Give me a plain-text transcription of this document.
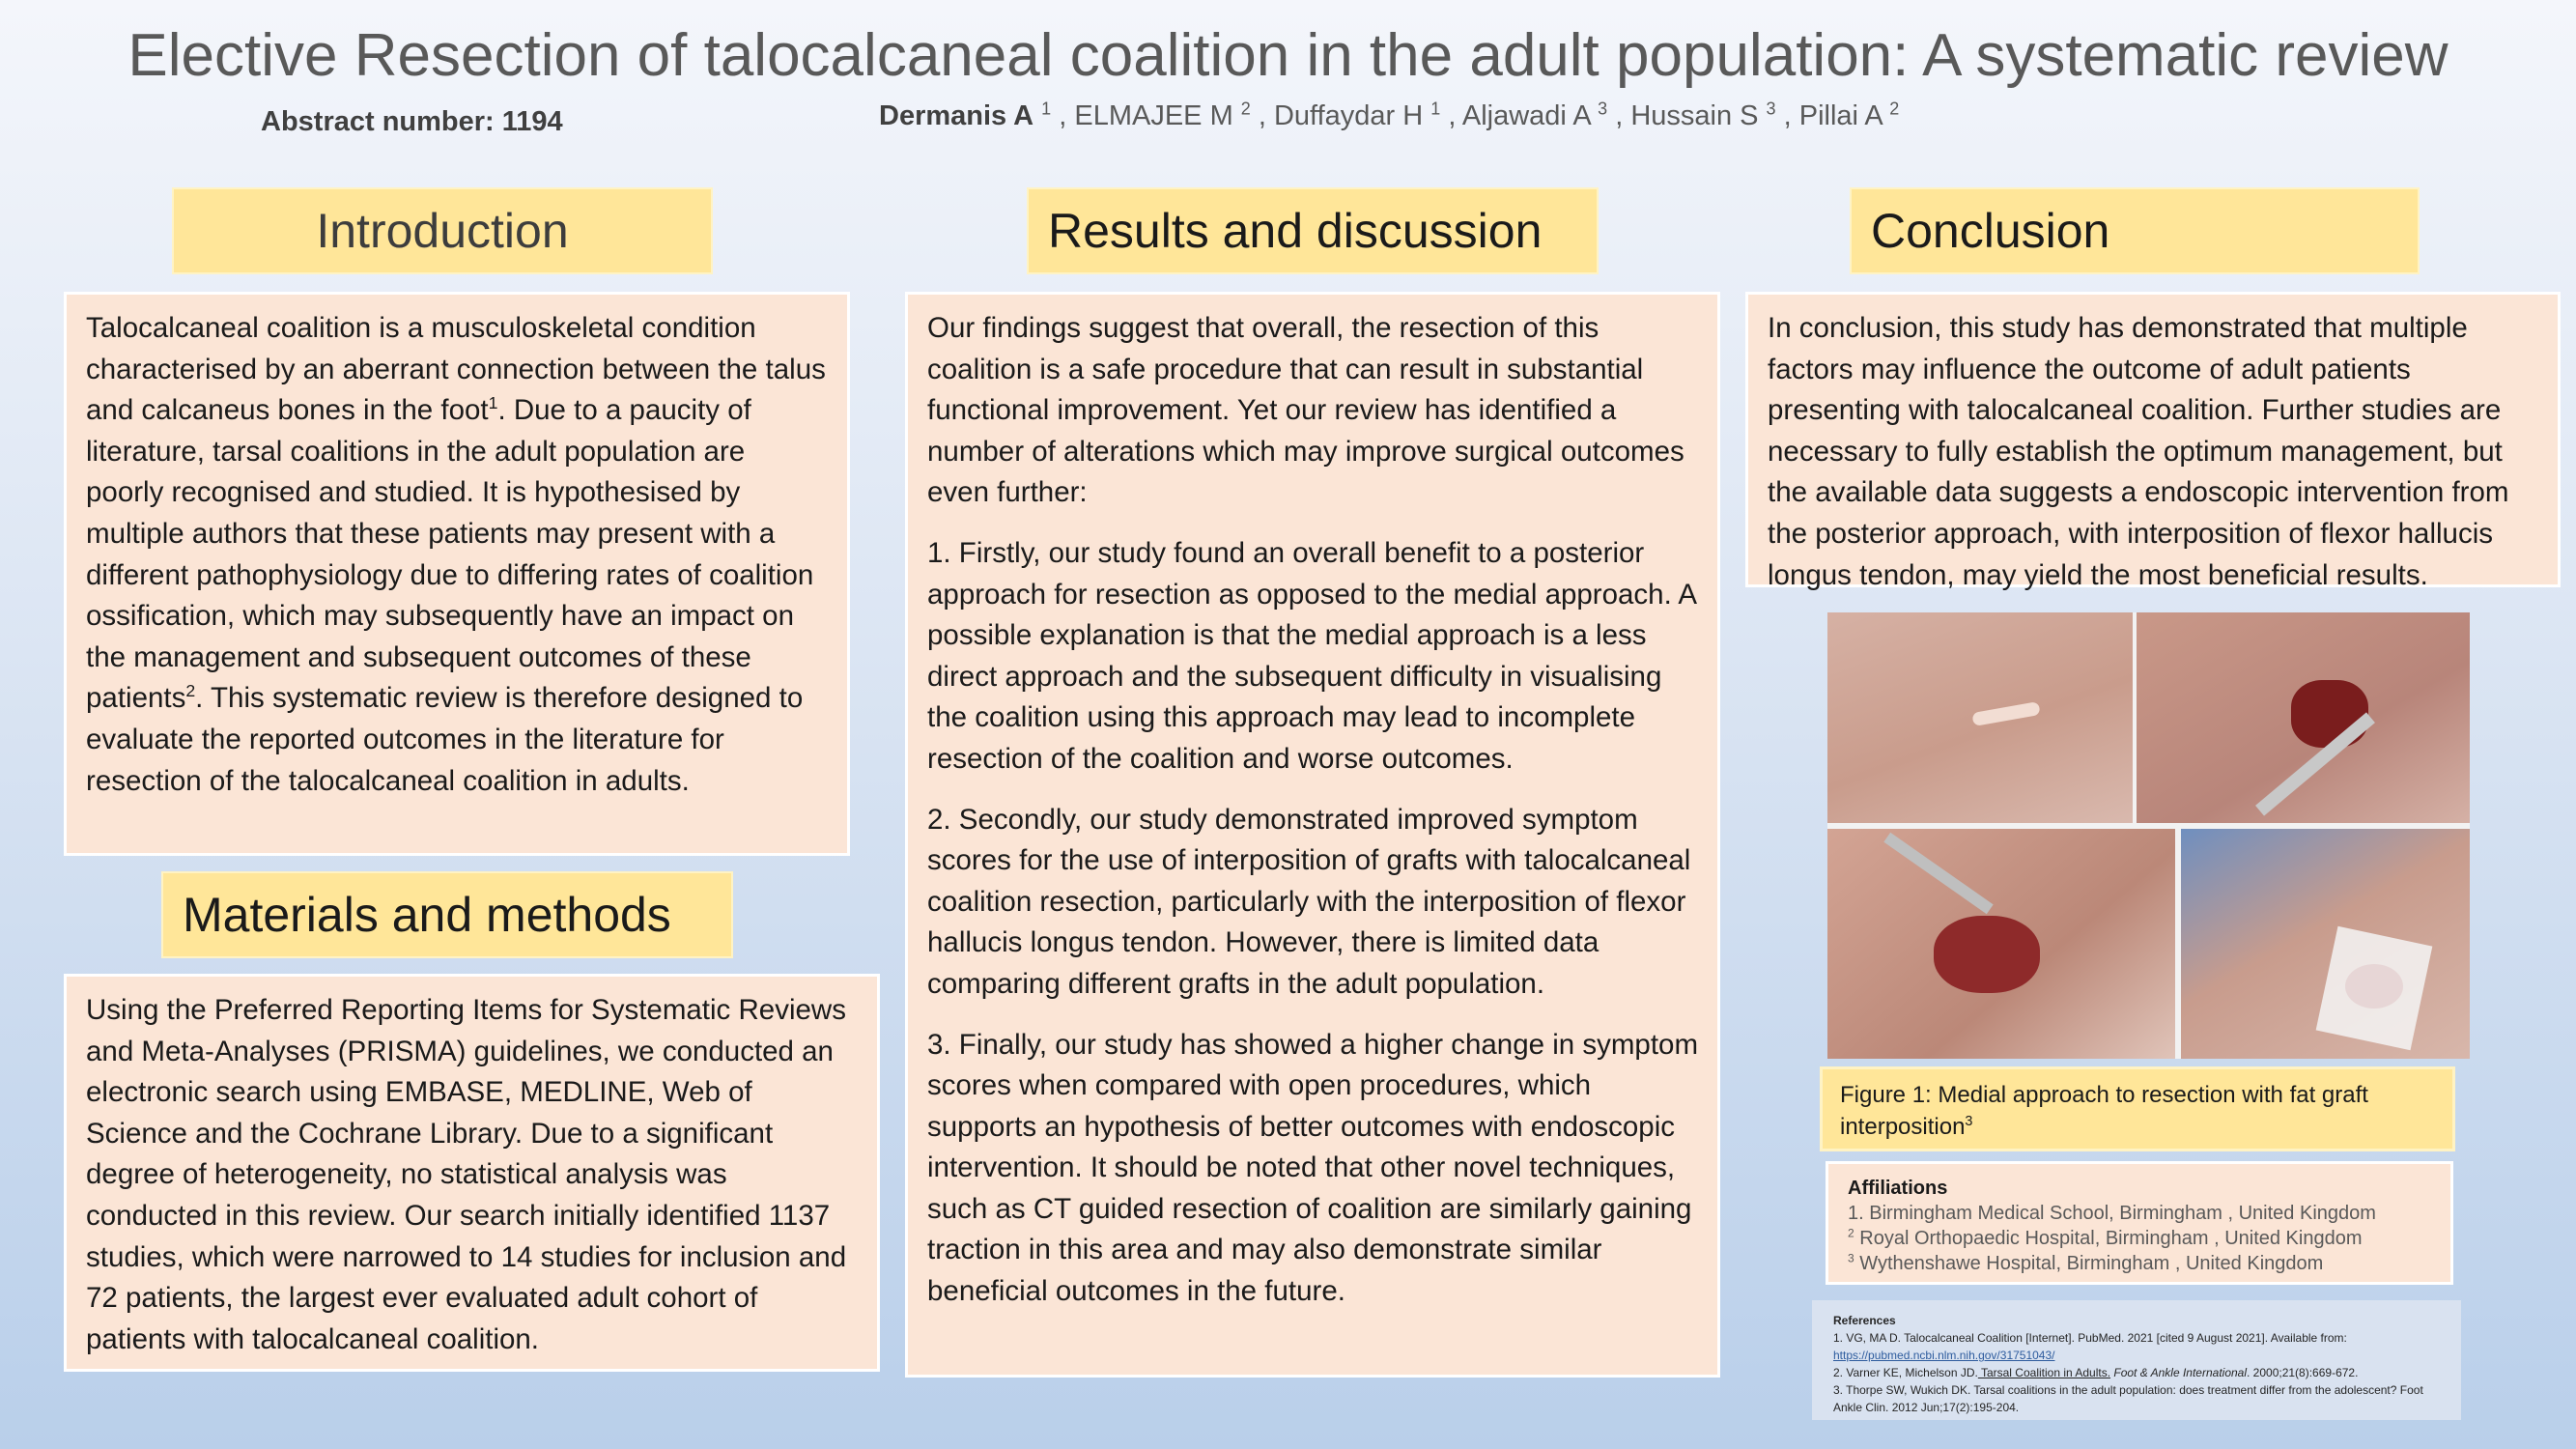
Elective Resection of talocalcaneal coalition in the adult population: A systematic review
Abstract number: 1194	Dermanis A $^1$ , ELMAJEE M $^2$ , Duffaydar H $^1$ , Aljawadi A $^3$ , Hussain S $^3$ , Pillai A $^2$
Introduction
Talocalcaneal coalition is a musculoskeletal condition characterised by an aberrant connection between the talus and calcaneus bones in the foot$^1$. Due to a paucity of literature, tarsal coalitions in the adult population are poorly recognised and studied. It is hypothesised by multiple authors that these patients may present with a different pathophysiology due to differing rates of coalition ossification, which may subsequently have an impact on the management and subsequent outcomes of these patients$^2$. This systematic review is therefore designed to evaluate the reported outcomes in the literature for resection of the talocalcaneal coalition in adults.
Materials and methods
Using the Preferred Reporting Items for Systematic Reviews and Meta-Analyses (PRISMA) guidelines, we conducted an electronic search using EMBASE, MEDLINE, Web of Science and the Cochrane Library. Due to a significant degree of heterogeneity, no statistical analysis was conducted in this review. Our search initially identified 1137 studies, which were narrowed to 14 studies for inclusion and 72 patients, the largest ever evaluated adult cohort of patients with talocalcaneal coalition.
Results and discussion

Our findings suggest that overall, the resection of this coalition is a safe procedure that can result in substantial functional improvement. Yet our review has identified a number of alterations which may improve surgical outcomes even further:

1. Firstly, our study found an overall benefit to a posterior approach for resection as opposed to the medial approach. A possible explanation is that the medial approach is a less direct approach and the subsequent difficulty in visualising the coalition using this approach may lead to incomplete resection of the coalition and worse outcomes.

2. Secondly, our study demonstrated improved symptom scores for the use of interposition of grafts with talocalcaneal coalition resection, particularly with the interposition of flexor hallucis longus tendon. However, there is limited data comparing different grafts in the adult population.

3. Finally, our study has showed a higher change in symptom scores when compared with open procedures, which supports an hypothesis of better outcomes with endoscopic intervention. It should be noted that other novel techniques, such as CT guided resection of coalition are similarly gaining traction in this area and may also demonstrate similar beneficial outcomes in the future.

Conclusion
In conclusion, this study has demonstrated that multiple factors may influence the outcome of adult patients presenting with talocalcaneal coalition. Further studies are necessary to fully establish the optimum management, but the available data suggests a endoscopic intervention from the posterior approach, with interposition of flexor hallucis longus tendon, may yield the most beneficial results.
Figure 1: Medial approach to resection with fat graft interposition$^3$
Affiliations
1. Birmingham Medical School, Birmingham , United Kingdom
$^2$ Royal Orthopaedic Hospital, Birmingham , United Kingdom
$^3$ Wythenshawe Hospital, Birmingham , United Kingdom
References
1. VG, MA D. Talocalcaneal Coalition [Internet]. PubMed. 2021 [cited 9 August 2021]. Available from:
https://pubmed.ncbi.nlm.nih.gov/31751043/
2. Varner KE, Michelson JD. Tarsal Coalition in Adults. Foot & Ankle International. 2000;21(8):669-672.
3. Thorpe SW, Wukich DK. Tarsal coalitions in the adult population: does treatment differ from the adolescent? Foot Ankle Clin. 2012 Jun;17(2):195-204.
